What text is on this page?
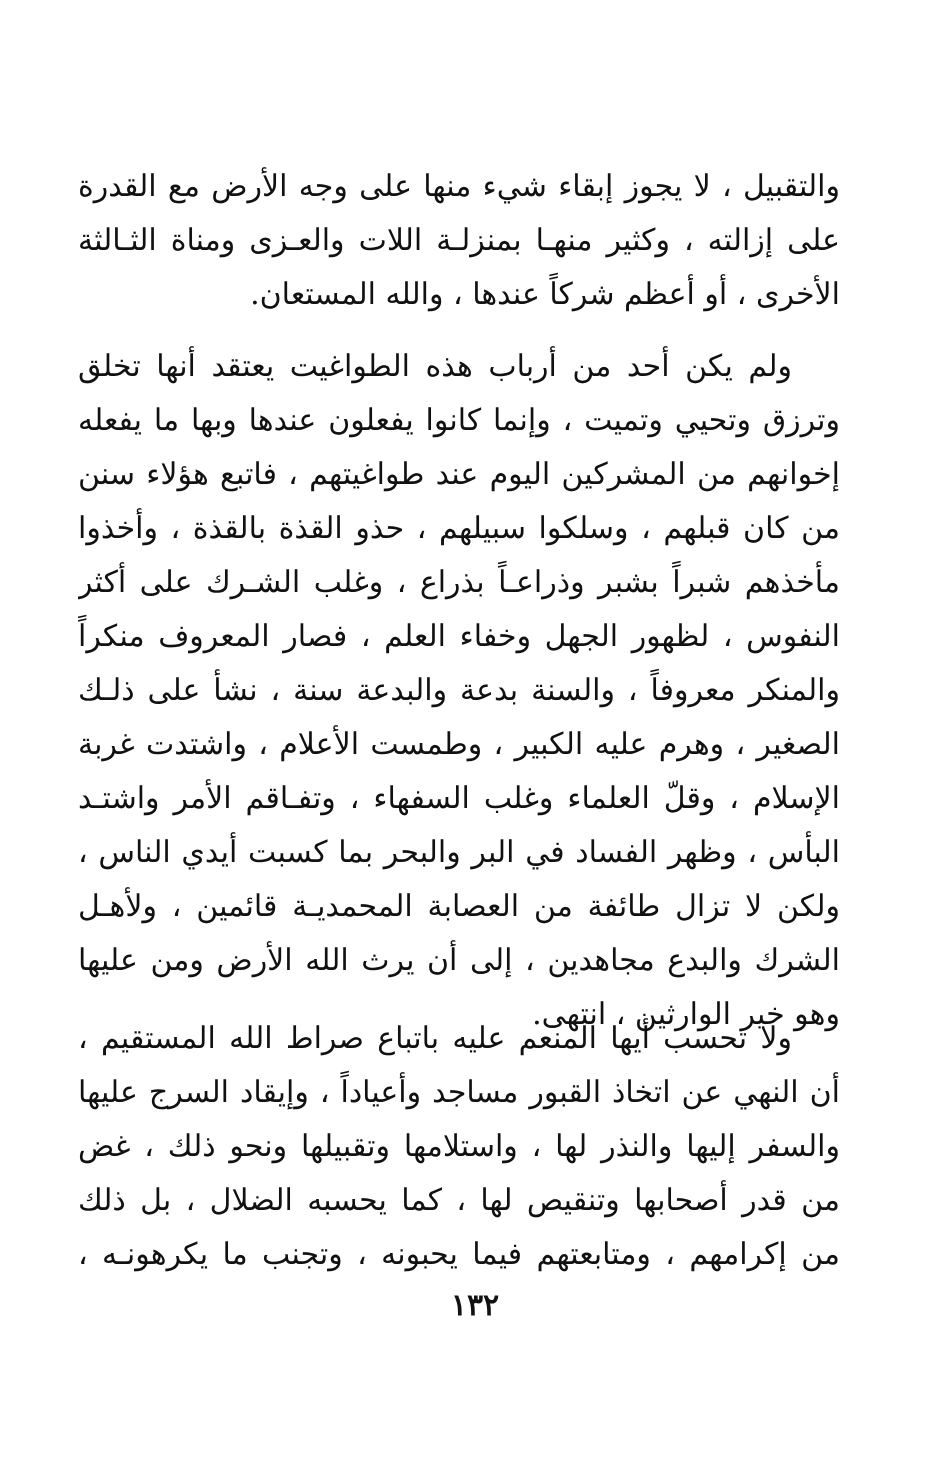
والتقبيل ، لا يجوز إبقاء شيء منها على وجه الأرض مع القدرة
على إزالته ، وكثير منهـا بمنزلـة اللات والعـزى ومناة الثـالثة
الأخرى ، أو أعظم شركاً عندها ، والله المستعان.
ولم يكن أحد من أرباب هذه الطواغيت يعتقد أنها تخلق
وترزق وتحيي وتميت ، وإنما كانوا يفعلون عندها وبها ما يفعله
إخوانهم من المشركين اليوم عند طواغيتهم ، فاتبع هؤلاء سنن
من كان قبلهم ، وسلكوا سبيلهم ، حذو القذة بالقذة ، وأخذوا
مأخذهم شبراً بشبر وذراعـاً بذراع ، وغلب الشـرك على أكثر
النفوس ، لظهور الجهل وخفاء العلم ، فصار المعروف منكراً
والمنكر معروفاً ، والسنة بدعة والبدعة سنة ، نشأ على ذلـك
الصغير ، وهرم عليه الكبير ، وطمست الأعلام ، واشتدت غربة
الإسلام ، وقلّ العلماء وغلب السفهاء ، وتفـاقم الأمر واشتـد
البأس ، وظهر الفساد في البر والبحر بما كسبت أيدي الناس ،
ولكن لا تزال طائفة من العصابة المحمديـة قائمين ، ولأهـل
الشرك والبدع مجاهدين ، إلى أن يرث الله الأرض ومن عليها
وهو خير الوارثين ، انتهى.
ولا تحسب أيها المنعم عليه باتباع صراط الله المستقيم ،
أن النهي عن اتخاذ القبور مساجد وأعياداً ، وإيقاد السرج عليها
والسفر إليها والنذر لها ، واستلامها وتقبيلها ونحو ذلك ، غض
من قدر أصحابها وتنقيص لها ، كما يحسبه الضلال ، بل ذلك
من إكرامهم ، ومتابعتهم فيما يحبونه ، وتجنب ما يكرهونـه ،
١٣٢
